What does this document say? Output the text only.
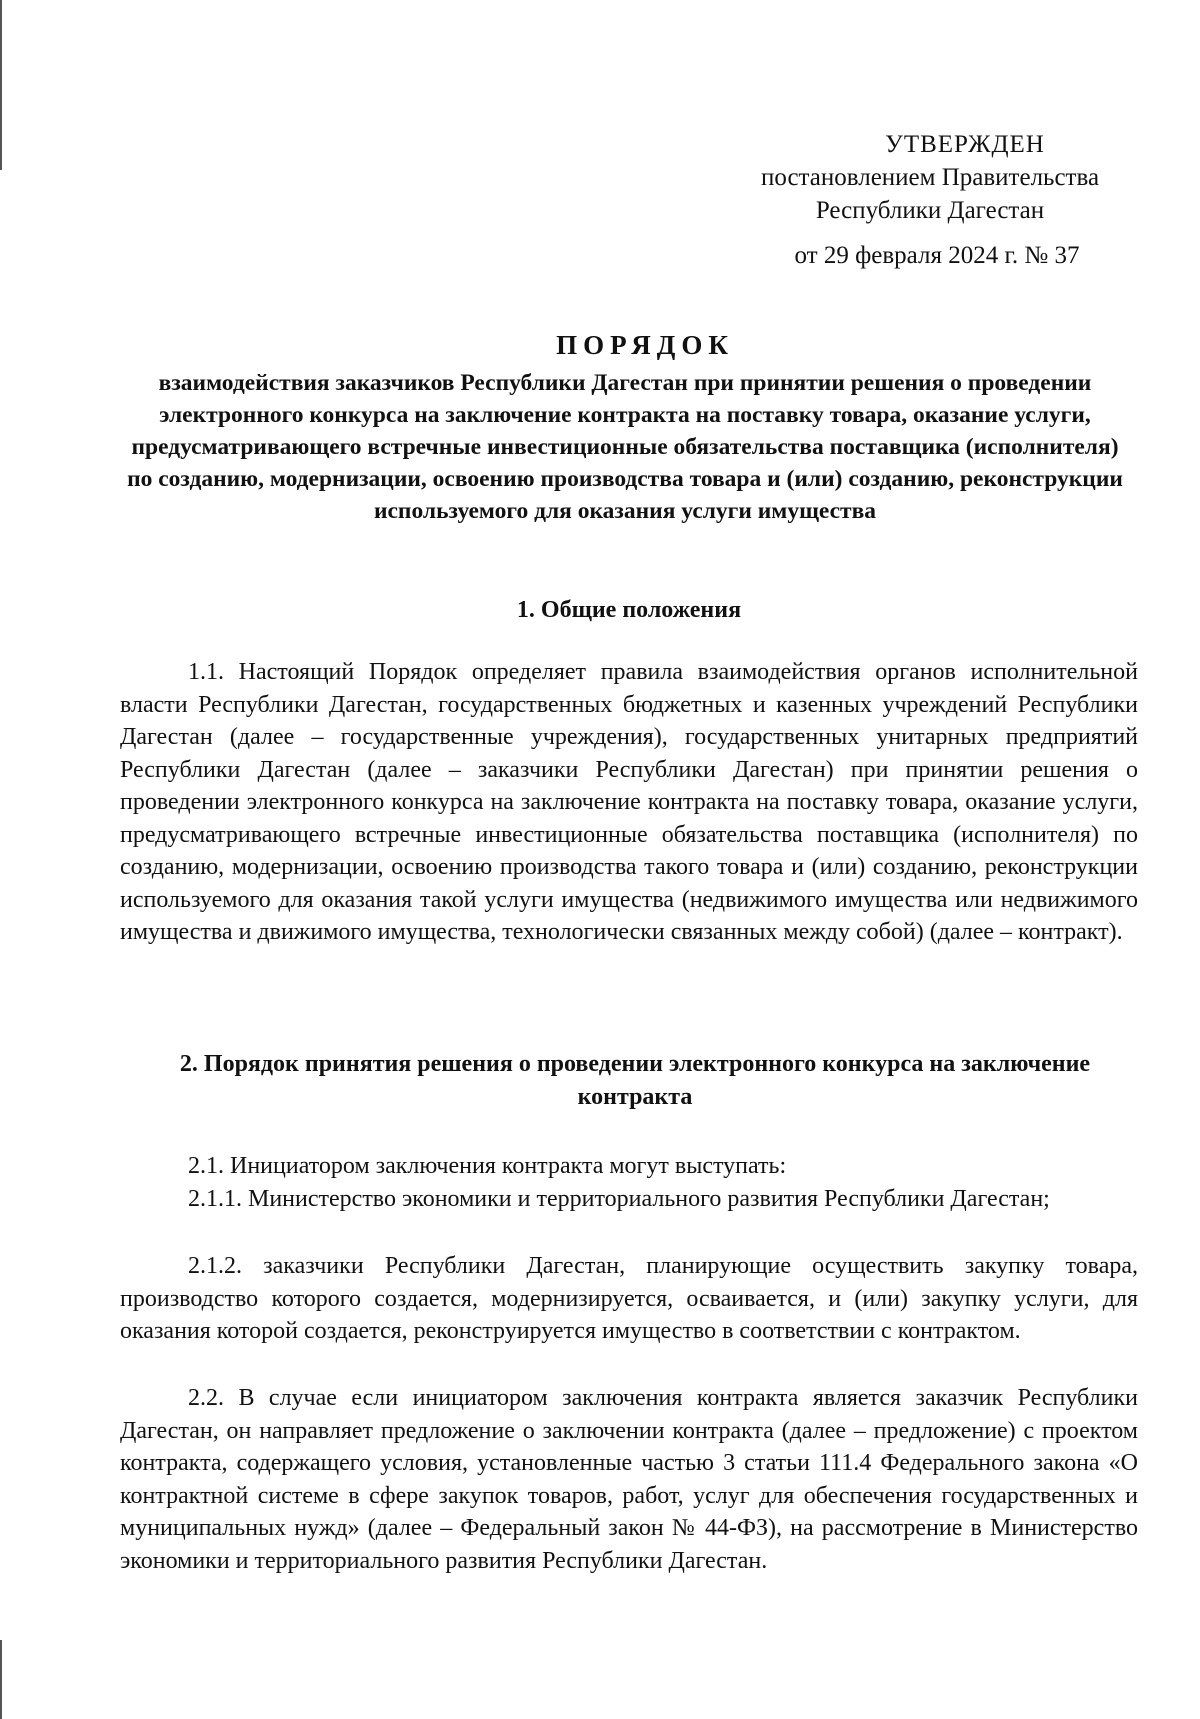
УТВЕРЖДЕН
постановлением Правительства
Республики Дагестан
от 29 февраля 2024 г. № 37
ПОРЯДОК
взаимодействия заказчиков Республики Дагестан при принятии решения о проведении электронного конкурса на заключение контракта на поставку товара, оказание услуги, предусматривающего встречные инвестиционные обязательства поставщика (исполнителя) по созданию, модернизации, освоению производства товара и (или) созданию, реконструкции используемого для оказания услуги имущества
1. Общие положения
1.1. Настоящий Порядок определяет правила взаимодействия органов исполнительной власти Республики Дагестан, государственных бюджетных и казенных учреждений Республики Дагестан (далее – государственные учреждения), государственных унитарных предприятий Республики Дагестан (далее – заказчики Республики Дагестан) при принятии решения о проведении электронного конкурса на заключение контракта на поставку товара, оказание услуги, предусматривающего встречные инвестиционные обязательства поставщика (исполнителя) по созданию, модернизации, освоению производства такого товара и (или) созданию, реконструкции используемого для оказания такой услуги имущества (недвижимого имущества или недвижимого имущества и движимого имущества, технологически связанных между собой) (далее – контракт).
2. Порядок принятия решения о проведении электронного конкурса на заключение контракта
2.1. Инициатором заключения контракта могут выступать:
2.1.1. Министерство экономики и территориального развития Республики Дагестан;
2.1.2. заказчики Республики Дагестан, планирующие осуществить закупку товара, производство которого создается, модернизируется, осваивается, и (или) закупку услуги, для оказания которой создается, реконструируется имущество в соответствии с контрактом.
2.2. В случае если инициатором заключения контракта является заказчик Республики Дагестан, он направляет предложение о заключении контракта (далее – предложение) с проектом контракта, содержащего условия, установленные частью 3 статьи 111.4 Федерального закона «О контрактной системе в сфере закупок товаров, работ, услуг для обеспечения государственных и муниципальных нужд» (далее – Федеральный закон № 44-ФЗ), на рассмотрение в Министерство экономики и территориального развития Республики Дагестан.
